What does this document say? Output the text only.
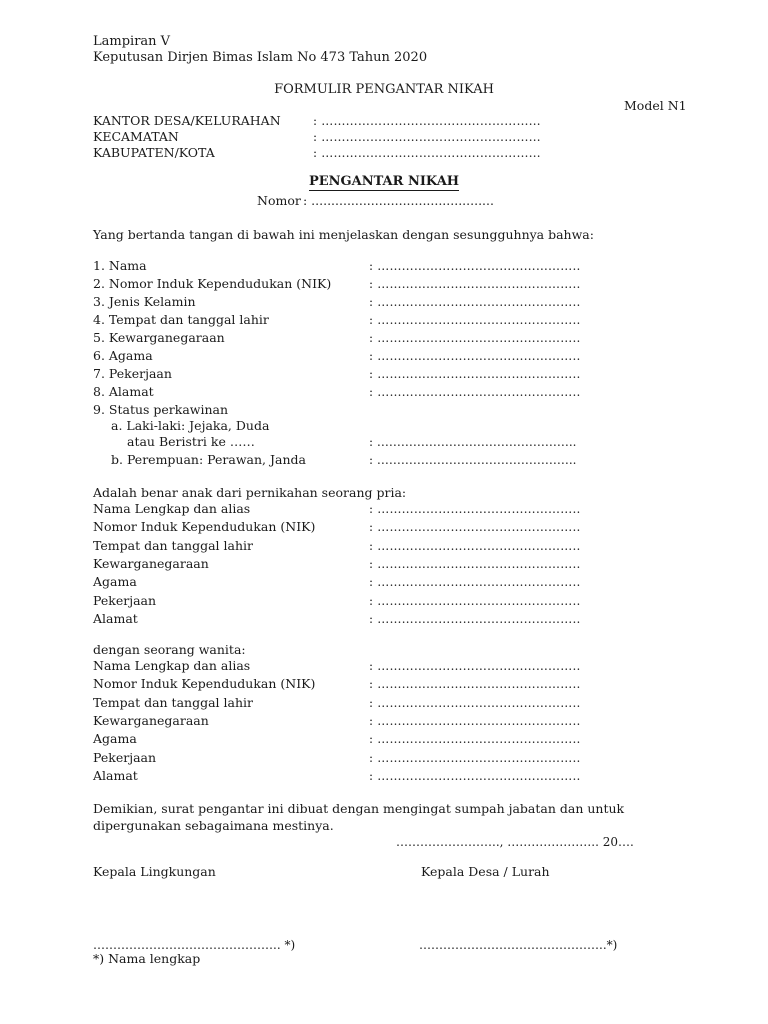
Lampiran V
Keputusan Dirjen Bimas Islam No 473 Tahun 2020
FORMULIR PENGANTAR NIKAH
Model N1
KANTOR DESA/KELURAHAN	: ………………………………………………
KECAMATAN	: ………………………………………………
KABUPATEN/KOTA	: ………………………………………………
PENGANTAR NIKAH
Nomor : ..............................................
Yang bertanda tangan di bawah ini menjelaskan dengan sesungguhnya bahwa:
1. Nama	: …………………………………………..
2. Nomor Induk Kependudukan (NIK)	: …………………………………………..
3. Jenis Kelamin	: …………………………………………..
4. Tempat dan tanggal lahir	: …………………………………………..
5. Kewarganegaraan	: …………………………………………..
6. Agama	: …………………………………………..
7. Pekerjaan	: …………………………………………..
8. Alamat	: …………………………………………..
9. Status perkawinan
a. Laki-laki: Jejaka, Duda
atau Beristri ke ……	: …………………………………………..
b. Perempuan: Perawan, Janda	: …………………………………………..
Adalah benar anak dari pernikahan seorang pria:
Nama Lengkap dan alias	: …………………………………………..
Nomor Induk Kependudukan (NIK)	: …………………………………………..
Tempat dan tanggal lahir	: …………………………………………..
Kewarganegaraan	: …………………………………………..
Agama	: …………………………………………..
Pekerjaan	: …………………………………………..
Alamat	: …………………………………………..
dengan seorang wanita:
Nama Lengkap dan alias	: …………………………………………..
Nomor Induk Kependudukan (NIK)	: …………………………………………..
Tempat dan tanggal lahir	: …………………………………………..
Kewarganegaraan	: …………………………………………..
Agama	: …………………………………………..
Pekerjaan	: …………………………………………..
Alamat	: …………………………………………..
Demikian, surat pengantar ini dibuat dengan mengingat sumpah jabatan dan untuk
dipergunakan sebagaimana mestinya.
…………………….., ………………….. 20….
Kepala Lingkungan	Kepala Desa / Lurah
……………………………………….. *)	………………………………………..*)
*) Nama lengkap
